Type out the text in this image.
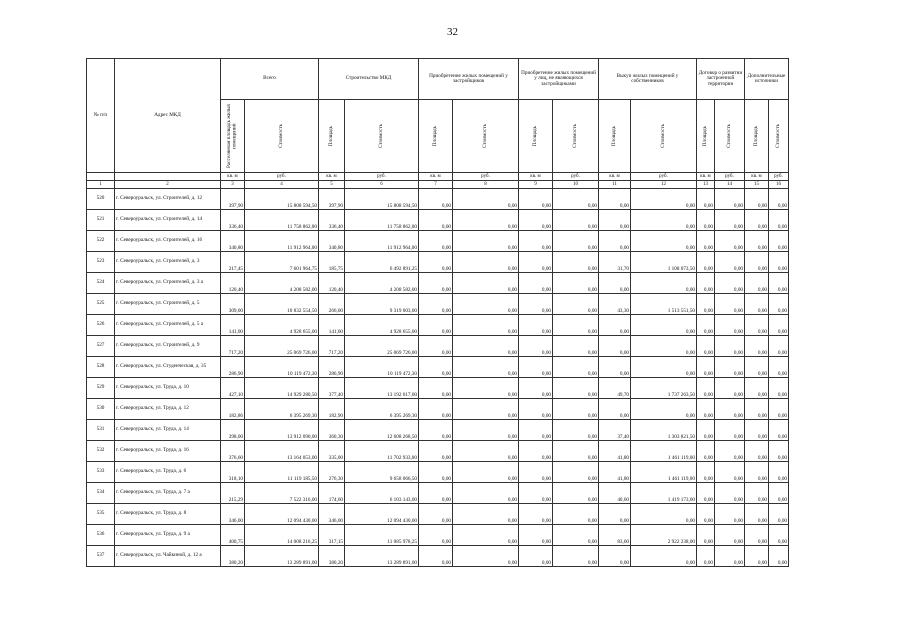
32
№ п/п	Адрес МКД	Всего		Строительство МКД		Приобретение жилых помещений у застройщиков		Приобретение жилых помещений у лиц, не являющихся застройщиками		Выкуп жилых помещений у собственников		Договор о развитии застроенной территории		Дополнительные источники	

		Расселяемая площадь жилых помещений	Стоимость	Площадь	Стоимость	Площадь	Стоимость	Площадь	Стоимость	Площадь	Стоимость	Площадь	Стоимость	Площадь	Стоимость

		кв. м	руб.	кв. м	руб.	кв. м	руб.	кв. м	руб.	кв. м	руб.	кв. м	руб.	кв. м	руб.
1	2	3	4	5	6	7	8	9	10	11	12	13	14	15	16
520	г. Североуральск, ул. Строителей, д. 12	397,90	15 808 594,50	397,90	15 808 594,50	0,00	0,00	0,00	0,00	0,00	0,00	0,00	0,00	0,00	0,00
521	г. Североуральск, ул. Строителей, д. 14	336,40	11 758 862,00	336,40	11 758 862,00	0,00	0,00	0,00	0,00	0,00	0,00	0,00	0,00	0,00	0,00
522	г. Североуральск, ул. Строителей, д. 16	340,80	11 912 964,00	340,80	11 912 964,00	0,00	0,00	0,00	0,00	0,00	0,00	0,00	0,00	0,00	0,00
523	г. Североуральск, ул. Строителей, д. 3	217,45	7 601 964,75	185,75	6 492 891,25	0,00	0,00	0,00	0,00	31,70	1 108 073,50	0,00	0,00	0,00	0,00
524	г. Североуральск, ул. Строителей, д. 3 а	120,40	4 208 582,00	120,40	4 208 582,00	0,00	0,00	0,00	0,00	0,00	0,00	0,00	0,00	0,00	0,00
525	г. Североуральск, ул. Строителей, д. 5	309,00	10 832 554,50	266,00	9 319 003,00	0,00	0,00	0,00	0,00	43,30	1 513 551,50	0,00	0,00	0,00	0,00
526	г. Североуральск, ул. Строителей, д. 5 а	141,00	4 928 655,00	141,00	4 928 655,00	0,00	0,00	0,00	0,00	0,00	0,00	0,00	0,00	0,00	0,00
527	г. Североуральск, ул. Строителей, д. 9	717,20	25 069 726,00	717,20	25 069 726,00	0,00	0,00	0,00	0,00	0,00	0,00	0,00	0,00	0,00	0,00
528	г. Североуральск, ул. Студенческая, д. 35	286,90	10 119 472,30	286,90	10 119 472,30	0,00	0,00	0,00	0,00	0,00	0,00	0,00	0,00	0,00	0,00
529	г. Североуральск, ул. Труда, д. 10	427,10	14 929 280,50	377,40	13 192 017,00	0,00	0,00	0,00	0,00	49,70	1 737 263,50	0,00	0,00	0,00	0,00
530	г. Североуральск, ул. Труда, д. 12	182,86	6 395 269,30	182,90	6 395 269,30	0,00	0,00	0,00	0,00	0,00	0,00	0,00	0,00	0,00	0,00
531	г. Североуральск, ул. Труда, д. 14	398,00	13 912 090,00	360,30	12 608 268,50	0,00	0,00	0,00	0,00	37,40	1 303 821,50	0,00	0,00	0,00	0,00
532	г. Североуральск, ул. Труда, д. 16	376,60	13 164 053,00	335,00	11 702 933,00	0,00	0,00	0,00	0,00	41,80	1 461 119,00	0,00	0,00	0,00	0,00
533	г. Североуральск, ул. Труда, д. 6	318,10	11 119 185,50	276,30	9 658 066,50	0,00	0,00	0,00	0,00	41,80	1 461 119,00	0,00	0,00	0,00	0,00
534	г. Североуральск, ул. Труда, д. 7 а	215,29	7 522 316,00	174,60	6 103 143,00	0,00	0,00	0,00	0,00	40,60	1 419 173,00	0,00	0,00	0,00	0,00
535	г. Североуральск, ул. Труда, д. 8	346,00	12 094 430,00	346,00	12 094 430,00	0,00	0,00	0,00	0,00	0,00	0,00	0,00	0,00	0,00	0,00
536	г. Североуральск, ул. Труда, д. 9 а	400,75	14 008 216,25	317,15	11 085 978,25	0,00	0,00	0,00	0,00	83,60	2 922 238,00	0,00	0,00	0,00	0,00
537	г. Североуральск, ул. Чайкиной, д. 12 а	380,20	13 289 891,00	380,20	13 289 891,00	0,00	0,00	0,00	0,00	0,00	0,00	0,00	0,00	0,00	0,00
